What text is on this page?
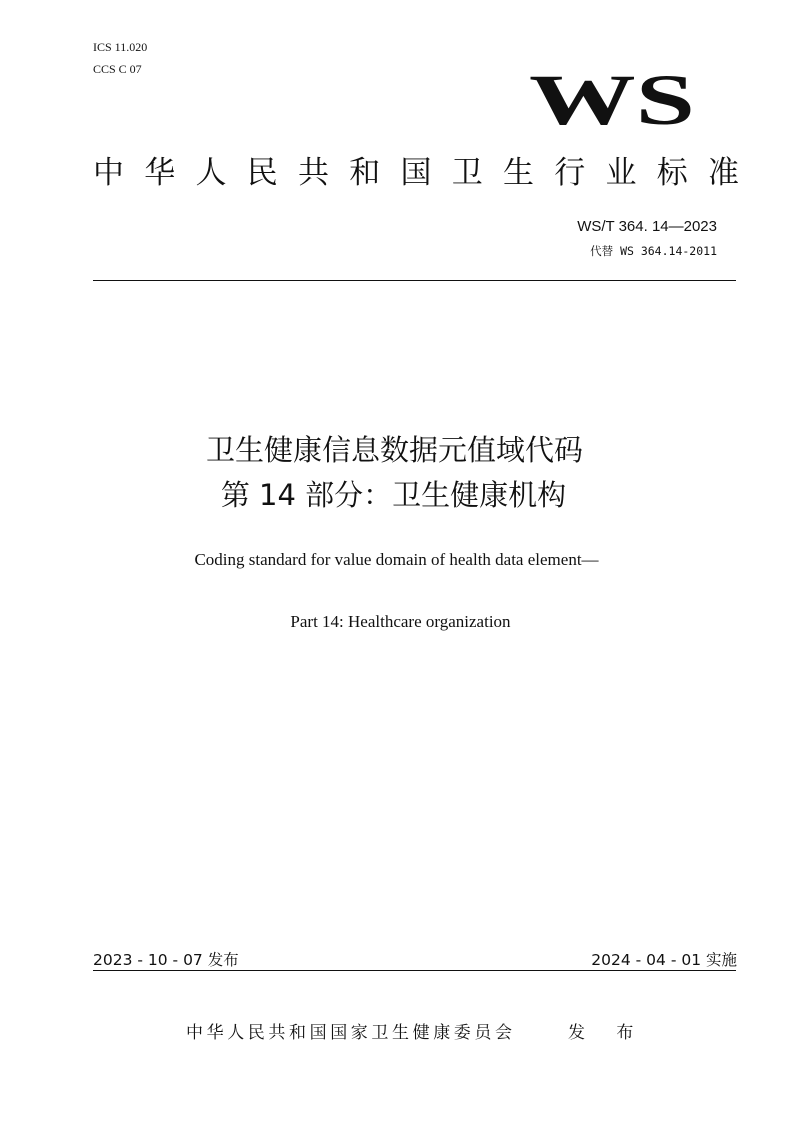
ICS 11.020
CCS C 07	WS
中 华 人 民 共 和 国 卫 生 行 业 标 准
WS/T 364. 14—2023
代替 WS 364.14-2011
卫生健康信息数据元值域代码
第 14 部分：卫生健康机构
Coding standard for value domain of health data element—
Part 14: Healthcare organization
2023 - 10 - 07 发布	2024 - 04 - 01 实施
中华人民共和国国家卫生健康委员会	发 布
